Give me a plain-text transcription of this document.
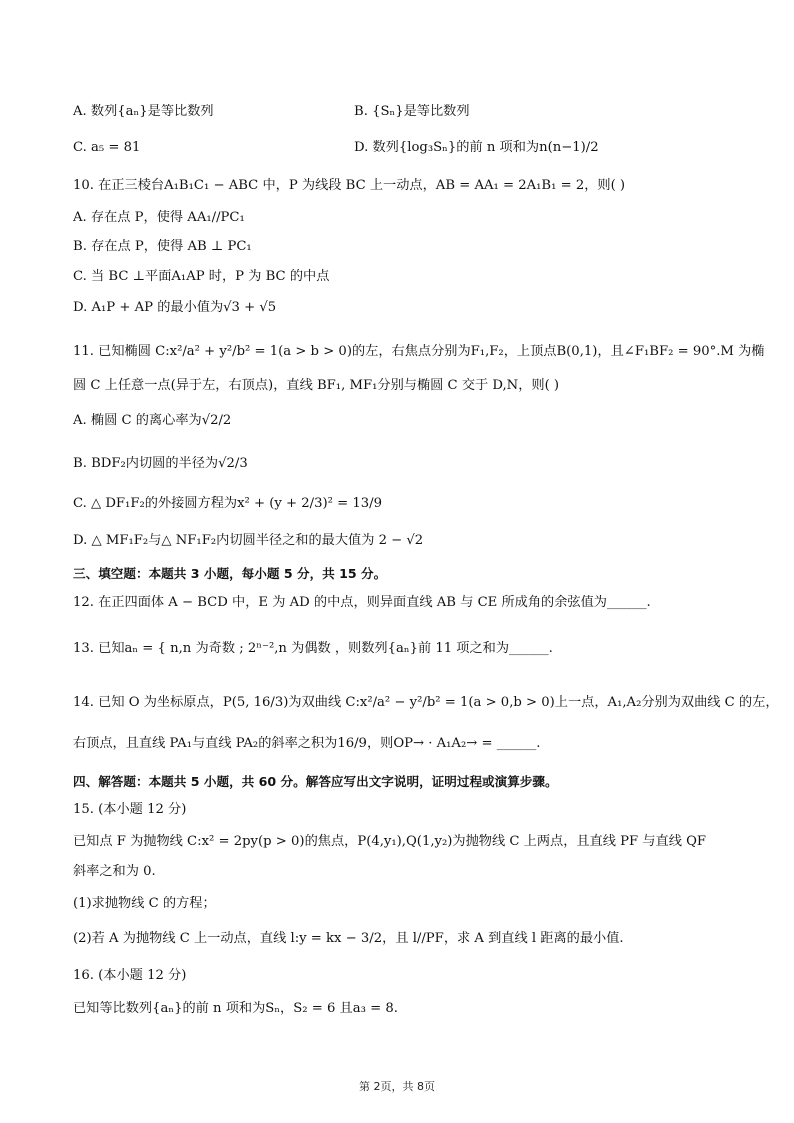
A. 数列{aₙ}是等比数列	B. {Sₙ}是等比数列
C. a₅ = 81	D. 数列{log₃Sₙ}的前 n 项和为n(n−1)/2
10. 在正三棱台A₁B₁C₁ − ABC 中，P 为线段 BC 上一动点，AB = AA₁ = 2A₁B₁ = 2，则( )
A. 存在点 P，使得 AA₁//PC₁
B. 存在点 P，使得 AB ⊥ PC₁
C. 当 BC ⊥平面A₁AP 时，P 为 BC 的中点
D. A₁P + AP 的最小值为√3 + √5
11. 已知椭圆 C:x²/a² + y²/b² = 1(a > b > 0)的左，右焦点分别为F₁,F₂，上顶点B(0,1)，且∠F₁BF₂ = 90°.M 为椭
圆 C 上任意一点(异于左，右顶点)，直线 BF₁, MF₁分别与椭圆 C 交于 D,N，则( )
A. 椭圆 C 的离心率为√2/2
B. BDF₂内切圆的半径为√2/3
C. △ DF₁F₂的外接圆方程为x² + (y + 2/3)² = 13/9
D. △ MF₁F₂与△ NF₁F₂内切圆半径之和的最大值为 2 − √2
三、填空题：本题共 3 小题，每小题 5 分，共 15 分。
12. 在正四面体 A − BCD 中，E 为 AD 的中点，则异面直线 AB 与 CE 所成角的余弦值为______.
13. 已知aₙ = { n,n 为奇数 ; 2ⁿ⁻²,n 为偶数 ，则数列{aₙ}前 11 项之和为______.
14. 已知 O 为坐标原点，P(5, 16/3)为双曲线 C:x²/a² − y²/b² = 1(a > 0,b > 0)上一点，A₁,A₂分别为双曲线 C 的左，
右顶点，且直线 PA₁与直线 PA₂的斜率之积为16/9，则OP→ · A₁A₂→ = ______.
四、解答题：本题共 5 小题，共 60 分。解答应写出文字说明，证明过程或演算步骤。
15. (本小题 12 分)
已知点 F 为抛物线 C:x² = 2py(p > 0)的焦点，P(4,y₁),Q(1,y₂)为抛物线 C 上两点，且直线 PF 与直线 QF
斜率之和为 0.
(1)求抛物线 C 的方程；
(2)若 A 为抛物线 C 上一动点，直线 l:y = kx − 3/2，且 l//PF，求 A 到直线 l 距离的最小值.
16. (本小题 12 分)
已知等比数列{aₙ}的前 n 项和为Sₙ，S₂ = 6 且a₃ = 8.
第 2页，共 8页
